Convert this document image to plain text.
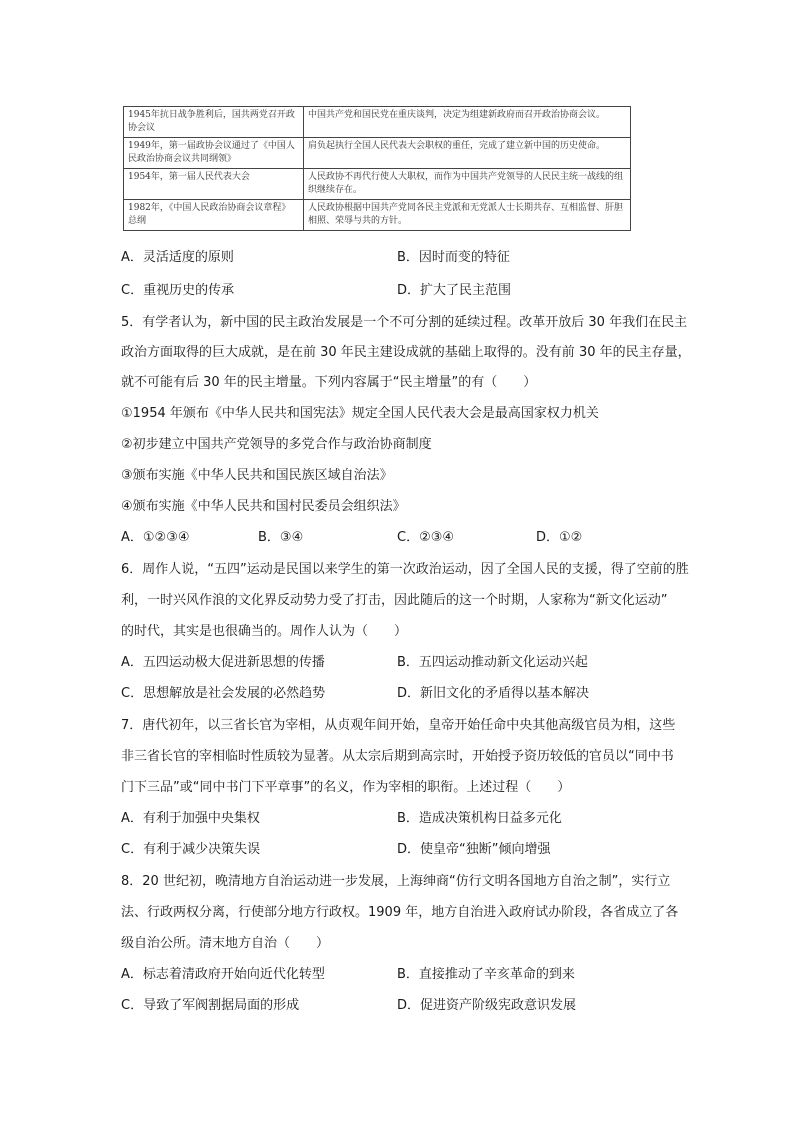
1945年抗日战争胜利后，国共两党召开政协会议	中国共产党和国民党在重庆谈判，决定为组建新政府而召开政治协商会议。
1949年，第一届政协会议通过了《中国人民政治协商会议共同纲领》	肩负起执行全国人民代表大会职权的重任，完成了建立新中国的历史使命。
1954年，第一届人民代表大会	人民政协不再代行使人大职权，而作为中国共产党领导的人民民主统一战线的组织继续存在。
1982年，《中国人民政治协商会议章程》总纲	人民政协根据中国共产党同各民主党派和无党派人士长期共存、互相监督、肝胆相照、荣辱与共的方针。
A．灵活适度的原则	B．因时而变的特征
C．重视历史的传承	D．扩大了民主范围
5．有学者认为，新中国的民主政治发展是一个不可分割的延续过程。改革开放后 30 年我们在民主
政治方面取得的巨大成就，是在前 30 年民主建设成就的基础上取得的。没有前 30 年的民主存量，
就不可能有后 30 年的民主增量。下列内容属于“民主增量”的有（　　）
①1954 年颁布《中华人民共和国宪法》规定全国人民代表大会是最高国家权力机关
②初步建立中国共产党领导的多党合作与政治协商制度
③颁布实施《中华人民共和国民族区域自治法》
④颁布实施《中华人民共和国村民委员会组织法》
A．①②③④	B．③④	C．②③④	D．①②
6．周作人说，“五四”运动是民国以来学生的第一次政治运动，因了全国人民的支援，得了空前的胜
利，一时兴风作浪的文化界反动势力受了打击，因此随后的这一个时期，人家称为“新文化运动”
的时代，其实是也很确当的。周作人认为（　　）
A．五四运动极大促进新思想的传播	B．五四运动推动新文化运动兴起
C．思想解放是社会发展的必然趋势	D．新旧文化的矛盾得以基本解决
7．唐代初年，以三省长官为宰相，从贞观年间开始，皇帝开始任命中央其他高级官员为相，这些
非三省长官的宰相临时性质较为显著。从太宗后期到高宗时，开始授予资历较低的官员以“同中书
门下三品”或“同中书门下平章事”的名义，作为宰相的职衔。上述过程（　　）
A．有利于加强中央集权	B．造成决策机构日益多元化
C．有利于减少决策失误	D．使皇帝“独断”倾向增强
8．20 世纪初，晚清地方自治运动进一步发展，上海绅商“仿行文明各国地方自治之制”，实行立
法、行政两权分离，行使部分地方行政权。1909 年，地方自治进入政府试办阶段，各省成立了各
级自治公所。清末地方自治（　　）
A．标志着清政府开始向近代化转型	B．直接推动了辛亥革命的到来
C．导致了军阀割据局面的形成	D．促进资产阶级宪政意识发展
